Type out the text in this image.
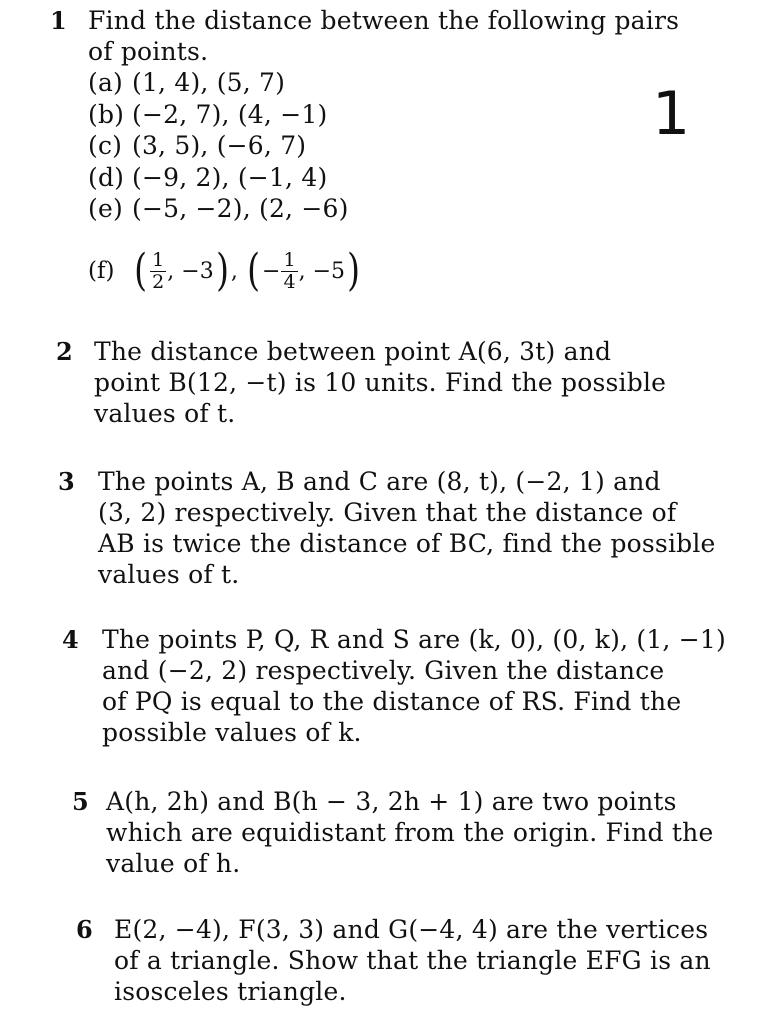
1
1 Find the distance between the following pairs
of points.
(a) (1, 4), (5, 7)
(b) (−2, 7), (4, −1)
(c) (3, 5), (−6, 7)
(d) (−9, 2), (−1, 4)
(e) (−5, −2), (2, −6)
(f) ( $\frac{1}{2}$ , −3 ) , ( − $\frac{1}{4}$ , −5 )
2 The distance between point A(6, 3t) and
point B(12, −t) is 10 units. Find the possible
values of t.
3 The points A, B and C are (8, t), (−2, 1) and
(3, 2) respectively. Given that the distance of
AB is twice the distance of BC, find the possible
values of t.
4 The points P, Q, R and S are (k, 0), (0, k), (1, −1)
and (−2, 2) respectively. Given the distance
of PQ is equal to the distance of RS. Find the
possible values of k.
5 A(h, 2h) and B(h − 3, 2h + 1) are two points
which are equidistant from the origin. Find the
value of h.
6 E(2, −4), F(3, 3) and G(−4, 4) are the vertices
of a triangle. Show that the triangle EFG is an
isosceles triangle.
